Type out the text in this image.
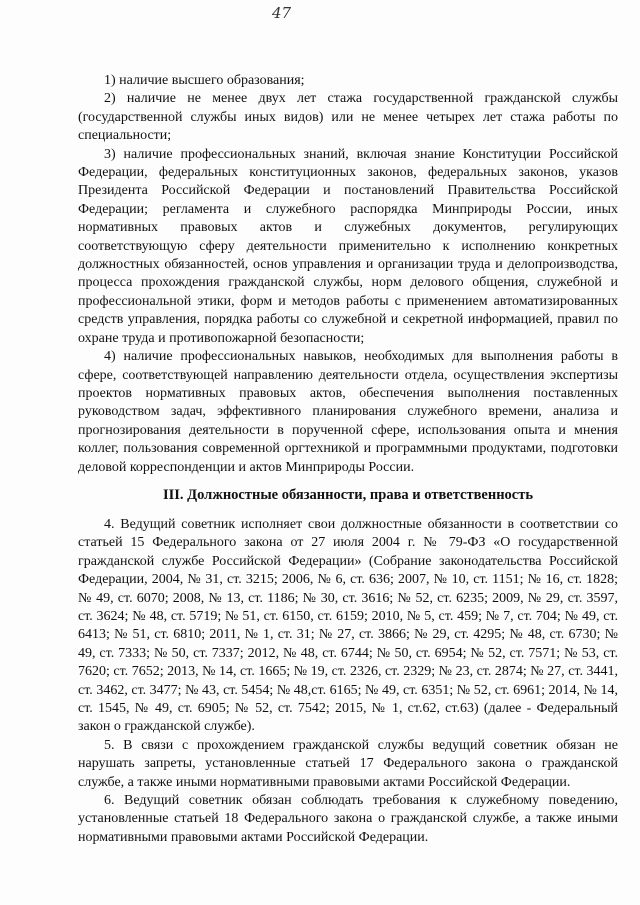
47

1) наличие высшего образования;

2) наличие не менее двух лет стажа государственной гражданской службы (государственной службы иных видов) или не менее четырех лет стажа работы по специальности;

3) наличие профессиональных знаний, включая знание Конституции Российской Федерации, федеральных конституционных законов, федеральных законов, указов Президента Российской Федерации и постановлений Правительства Российской Федерации; регламента и служебного распорядка Минприроды России, иных нормативных правовых актов и служебных документов, регулирующих соответствующую сферу деятельности применительно к исполнению конкретных должностных обязанностей, основ управления и организации труда и делопроизводства, процесса прохождения гражданской службы, норм делового общения, служебной и профессиональной этики, форм и методов работы с применением автоматизированных средств управления, порядка работы со служебной и секретной информацией, правил по охране труда и противопожарной безопасности;

4) наличие профессиональных навыков, необходимых для выполнения работы в сфере, соответствующей направлению деятельности отдела, осуществления экспертизы проектов нормативных правовых актов, обеспечения выполнения поставленных руководством задач, эффективного планирования служебного времени, анализа и прогнозирования деятельности в порученной сфере, использования опыта и мнения коллег, пользования современной оргтехникой и программными продуктами, подготовки деловой корреспонденции и актов Минприроды России.

III. Должностные обязанности, права и ответственность

4. Ведущий советник исполняет свои должностные обязанности в соответствии со статьей 15 Федерального закона от 27 июля 2004 г. № 79-ФЗ «О государственной гражданской службе Российской Федерации» (Собрание законодательства Российской Федерации, 2004, № 31, ст. 3215; 2006, № 6, ст. 636; 2007, № 10, ст. 1151; № 16, ст. 1828; № 49, ст. 6070; 2008, № 13, ст. 1186; № 30, ст. 3616; № 52, ст. 6235; 2009, № 29, ст. 3597, ст. 3624; № 48, ст. 5719; № 51, ст. 6150, ст. 6159; 2010, № 5, ст. 459; № 7, ст. 704; № 49, ст. 6413; № 51, ст. 6810; 2011, № 1, ст. 31; № 27, ст. 3866; № 29, ст. 4295; № 48, ст. 6730; № 49, ст. 7333; № 50, ст. 7337; 2012, № 48, ст. 6744; № 50, ст. 6954; № 52, ст. 7571; № 53, ст. 7620; ст. 7652; 2013, № 14, ст. 1665; № 19, ст. 2326, ст. 2329; № 23, ст. 2874; № 27, ст. 3441, ст. 3462, ст. 3477; № 43, ст. 5454; № 48,ст. 6165; № 49, ст. 6351; № 52, ст. 6961; 2014, № 14, ст. 1545, № 49, ст. 6905; № 52, ст. 7542; 2015, № 1, ст.62, ст.63) (далее - Федеральный закон о гражданской службе).

5. В связи с прохождением гражданской службы ведущий советник обязан не нарушать запреты, установленные статьей 17 Федерального закона о гражданской службе, а также иными нормативными правовыми актами Российской Федерации.

6. Ведущий советник обязан соблюдать требования к служебному поведению, установленные статьей 18 Федерального закона о гражданской службе, а также иными нормативными правовыми актами Российской Федерации.
